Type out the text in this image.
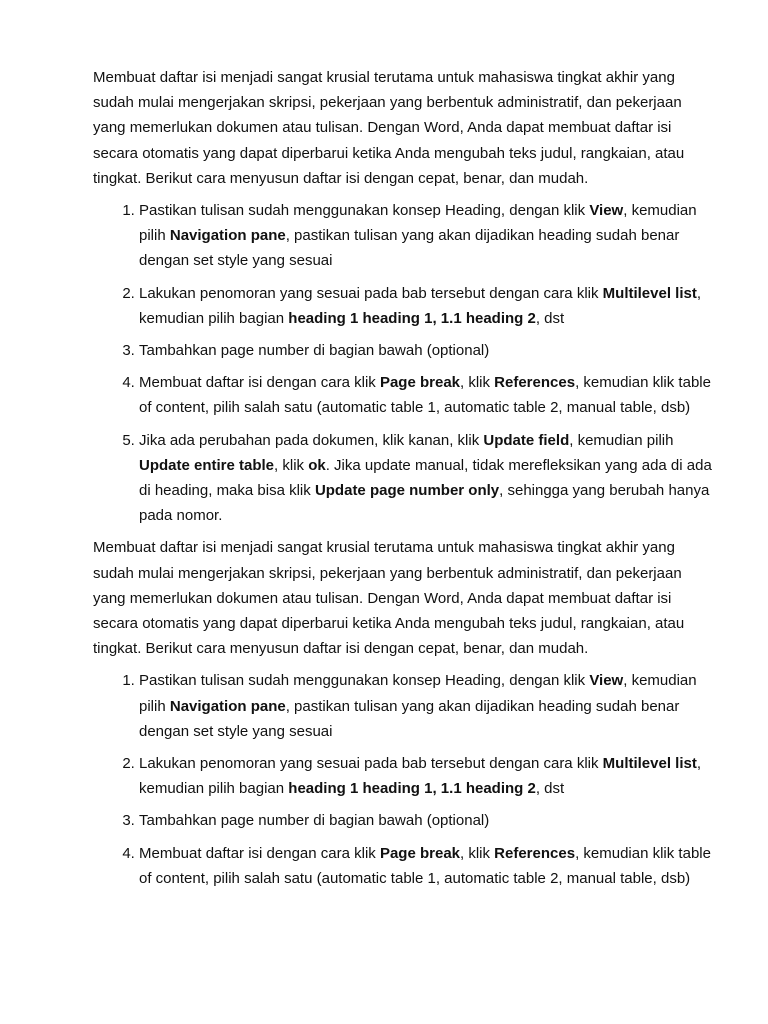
Membuat daftar isi menjadi sangat krusial terutama untuk mahasiswa tingkat akhir yang sudah mulai mengerjakan skripsi, pekerjaan yang berbentuk administratif, dan pekerjaan yang memerlukan dokumen atau tulisan. Dengan Word, Anda dapat membuat daftar isi secara otomatis yang dapat diperbarui ketika Anda mengubah teks judul, rangkaian, atau tingkat. Berikut cara menyusun daftar isi dengan cepat, benar, dan mudah.

1. Pastikan tulisan sudah menggunakan konsep Heading, dengan klik View, kemudian pilih Navigation pane, pastikan tulisan yang akan dijadikan heading sudah benar dengan set style yang sesuai
2. Lakukan penomoran yang sesuai pada bab tersebut dengan cara klik Multilevel list, kemudian pilih bagian heading 1 heading 1, 1.1 heading 2, dst
3. Tambahkan page number di bagian bawah (optional)
4. Membuat daftar isi dengan cara klik Page break, klik References, kemudian klik table of content, pilih salah satu (automatic table 1, automatic table 2, manual table, dsb)
5. Jika ada perubahan pada dokumen, klik kanan, klik Update field, kemudian pilih Update entire table, klik ok. Jika update manual, tidak merefleksikan yang ada di ada di heading, maka bisa klik Update page number only, sehingga yang berubah hanya pada nomor.

Membuat daftar isi menjadi sangat krusial terutama untuk mahasiswa tingkat akhir yang sudah mulai mengerjakan skripsi, pekerjaan yang berbentuk administratif, dan pekerjaan yang memerlukan dokumen atau tulisan. Dengan Word, Anda dapat membuat daftar isi secara otomatis yang dapat diperbarui ketika Anda mengubah teks judul, rangkaian, atau tingkat. Berikut cara menyusun daftar isi dengan cepat, benar, dan mudah.

1. Pastikan tulisan sudah menggunakan konsep Heading, dengan klik View, kemudian pilih Navigation pane, pastikan tulisan yang akan dijadikan heading sudah benar dengan set style yang sesuai
2. Lakukan penomoran yang sesuai pada bab tersebut dengan cara klik Multilevel list, kemudian pilih bagian heading 1 heading 1, 1.1 heading 2, dst
3. Tambahkan page number di bagian bawah (optional)
4. Membuat daftar isi dengan cara klik Page break, klik References, kemudian klik table of content, pilih salah satu (automatic table 1, automatic table 2, manual table, dsb)
